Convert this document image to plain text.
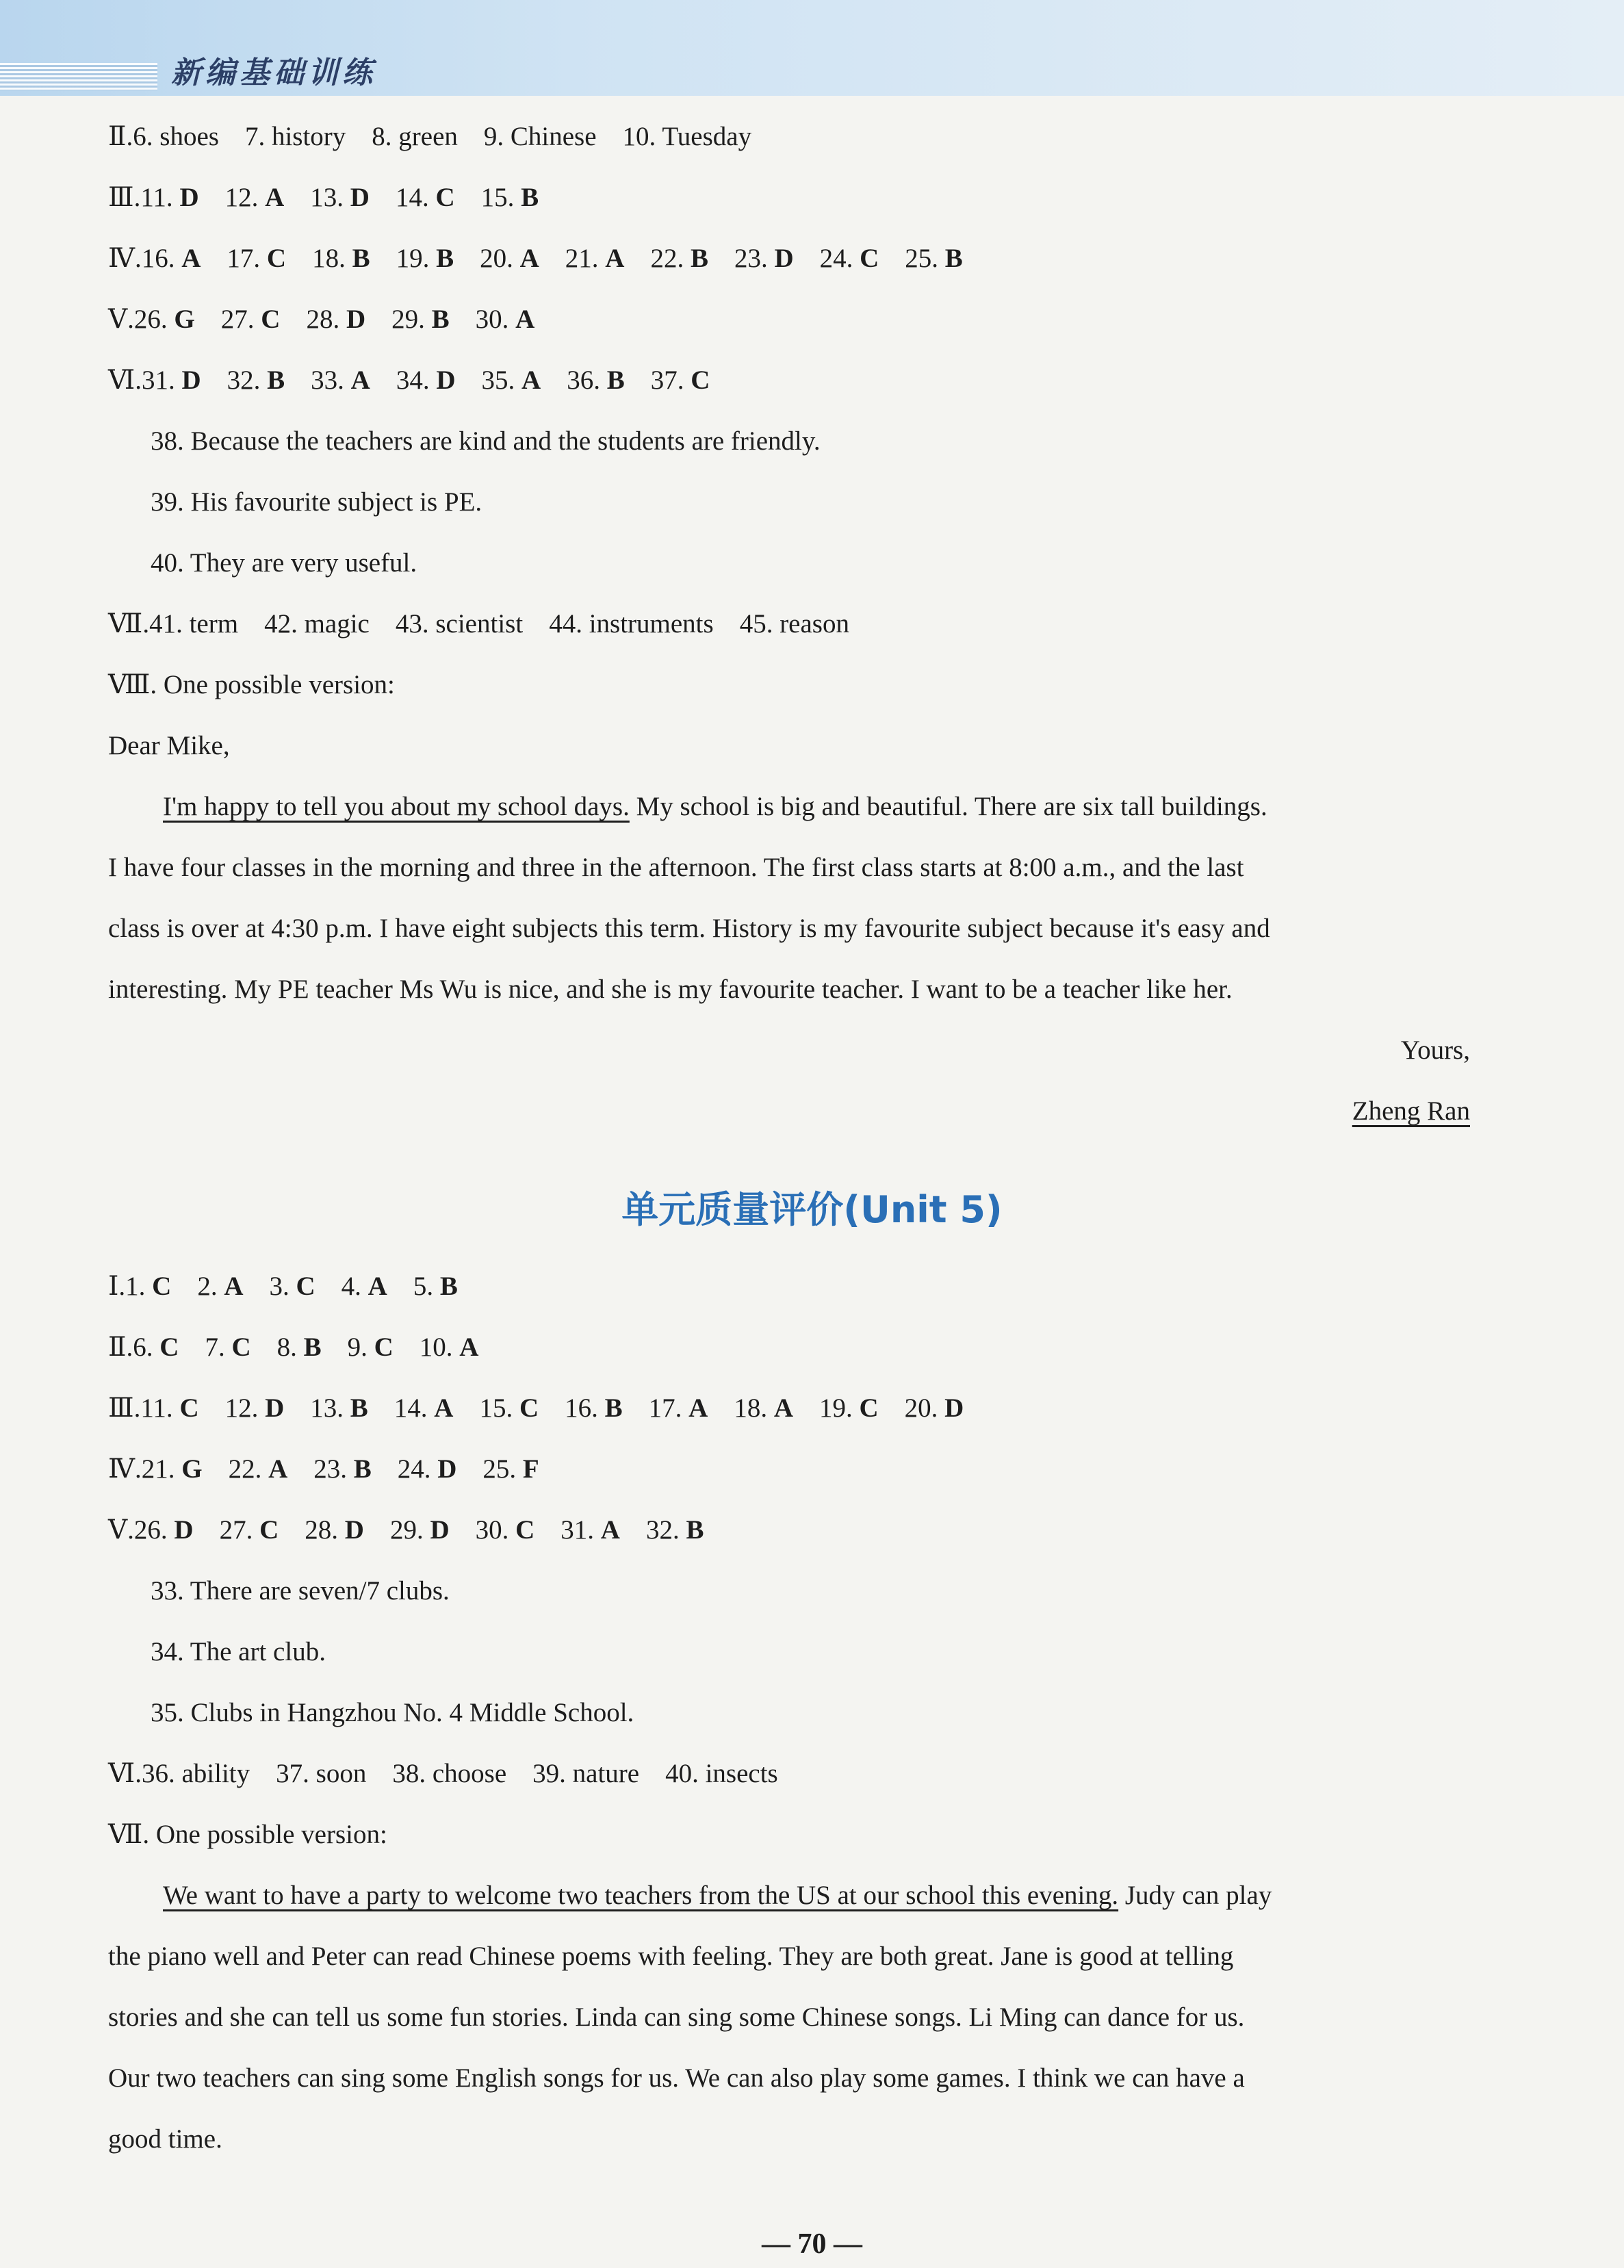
新编基础训练
Ⅱ.6. shoes 7. history 8. green 9. Chinese 10. Tuesday
Ⅲ.11. D 12. A 13. D 14. C 15. B
Ⅳ.16. A 17. C 18. B 19. B 20. A 21. A 22. B 23. D 24. C 25. B
Ⅴ.26. G 27. C 28. D 29. B 30. A
Ⅵ.31. D 32. B 33. A 34. D 35. A 36. B 37. C
38. Because the teachers are kind and the students are friendly.
39. His favourite subject is PE.
40. They are very useful.
Ⅶ.41. term 42. magic 43. scientist 44. instruments 45. reason
Ⅷ. One possible version:
Dear Mike,
I'm happy to tell you about my school days. My school is big and beautiful. There are six tall buildings.
I have four classes in the morning and three in the afternoon. The first class starts at 8:00 a.m., and the last
class is over at 4:30 p.m. I have eight subjects this term. History is my favourite subject because it's easy and
interesting. My PE teacher Ms Wu is nice, and she is my favourite teacher. I want to be a teacher like her.
Yours,
Zheng Ran
单元质量评价(Unit 5)
Ⅰ.1. C 2. A 3. C 4. A 5. B
Ⅱ.6. C 7. C 8. B 9. C 10. A
Ⅲ.11. C 12. D 13. B 14. A 15. C 16. B 17. A 18. A 19. C 20. D
Ⅳ.21. G 22. A 23. B 24. D 25. F
Ⅴ.26. D 27. C 28. D 29. D 30. C 31. A 32. B
33. There are seven/7 clubs.
34. The art club.
35. Clubs in Hangzhou No. 4 Middle School.
Ⅵ.36. ability 37. soon 38. choose 39. nature 40. insects
Ⅶ. One possible version:
We want to have a party to welcome two teachers from the US at our school this evening. Judy can play
the piano well and Peter can read Chinese poems with feeling. They are both great. Jane is good at telling
stories and she can tell us some fun stories. Linda can sing some Chinese songs. Li Ming can dance for us.
Our two teachers can sing some English songs for us. We can also play some games. I think we can have a
good time.
— 70 —
